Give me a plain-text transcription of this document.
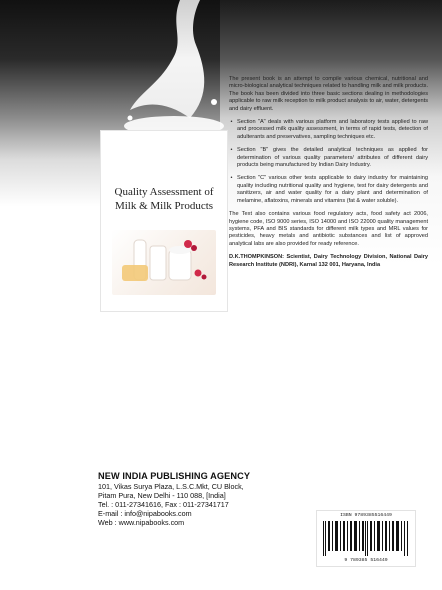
Quality Assessment of
Milk & Milk Products

The present book is an attempt to compile various chemical, nutritional and micro-biological analytical techniques related to handling milk and milk products. The book has been divided into three basic sections dealing in methodologies applicable to raw milk reception to milk product analysis to air, water, detergents and dairy effluent.

• Section "A" deals with various platform and laboratory tests applied to raw and processed milk quality assessment, in terms of rapid tests, detection of adulterants and preservatives, sampling techniques etc.

• Section "B" gives the detailed analytical techniques as applied for determination of various quality parameters/ attributes of different dairy products being manufactured by Indian Dairy Industry.

• Section "C" various other tests applicable to dairy industry for maintaining quality including nutritional quality and hygiene, test for dairy detergents and sanitizers, air and water quality for a dairy plant and determination of melamine, aflatoxins, minerals and vitamins (fat & water soluble).

The Text also contains various food regulatory acts, food safety act 2006, hygiene code, ISO 9000 series, ISO 14000 and ISO 22000 quality management systems, PFA and BIS standards for different milk types and MRL values for pesticides, heavy metals and antibiotic substances and list of approved analytical labs are also provided for ready reference.

D.K.THOMPKINSON: Scientist, Dairy Technology Division, National Dairy Research Institute (NDRI), Karnal 132 001, Haryana, India

NEW INDIA PUBLISHING AGENCY
101, Vikas Surya Plaza, L.S.C.Mkt, CU Block,
Pitam Pura, New Delhi - 110 088, [India]
Tel. : 011-27341616, Fax : 011-27341717
E-mail : info@nipabooks.com
Web : www.nipabooks.com
ISBN 9789385516449
9 789385 516449
